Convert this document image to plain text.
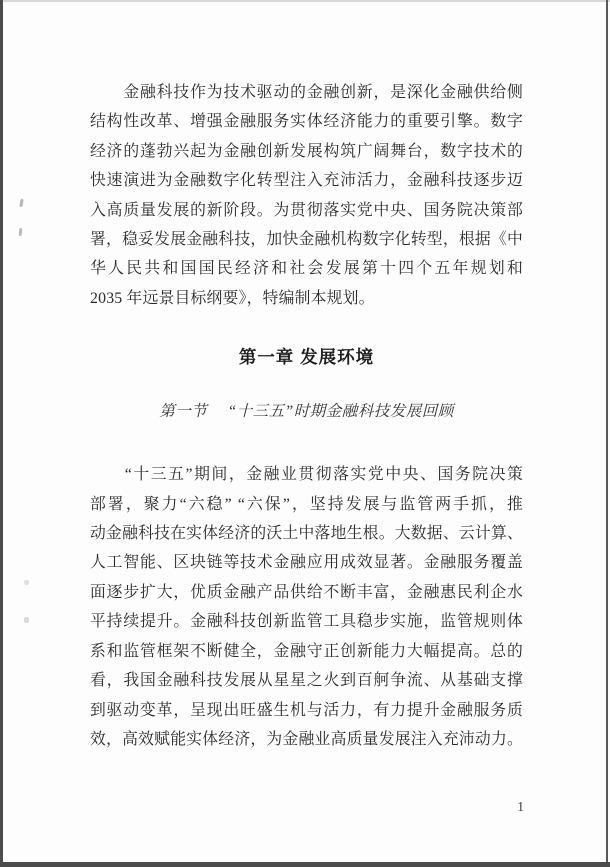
　　金融科技作为技术驱动的金融创新，是深化金融供给侧
结构性改革、增强金融服务实体经济能力的重要引擎。数字
经济的蓬勃兴起为金融创新发展构筑广阔舞台，数字技术的
快速演进为金融数字化转型注入充沛活力，金融科技逐步迈
入高质量发展的新阶段。为贯彻落实党中央、国务院决策部
署，稳妥发展金融科技，加快金融机构数字化转型，根据《中
华人民共和国国民经济和社会发展第十四个五年规划和
2035 年远景目标纲要》，特编制本规划。
第一章 发展环境
第一节　 “十三五”时期金融科技发展回顾
　　“十三五”期间，金融业贯彻落实党中央、国务院决策
部署，聚力“六稳” “六保”，坚持发展与监管两手抓，推
动金融科技在实体经济的沃土中落地生根。大数据、云计算、
人工智能、区块链等技术金融应用成效显著。金融服务覆盖
面逐步扩大，优质金融产品供给不断丰富，金融惠民利企水
平持续提升。金融科技创新监管工具稳步实施，监管规则体
系和监管框架不断健全，金融守正创新能力大幅提高。总的
看，我国金融科技发展从星星之火到百舸争流、从基础支撑
到驱动变革，呈现出旺盛生机与活力，有力提升金融服务质
效，高效赋能实体经济，为金融业高质量发展注入充沛动力。
1
